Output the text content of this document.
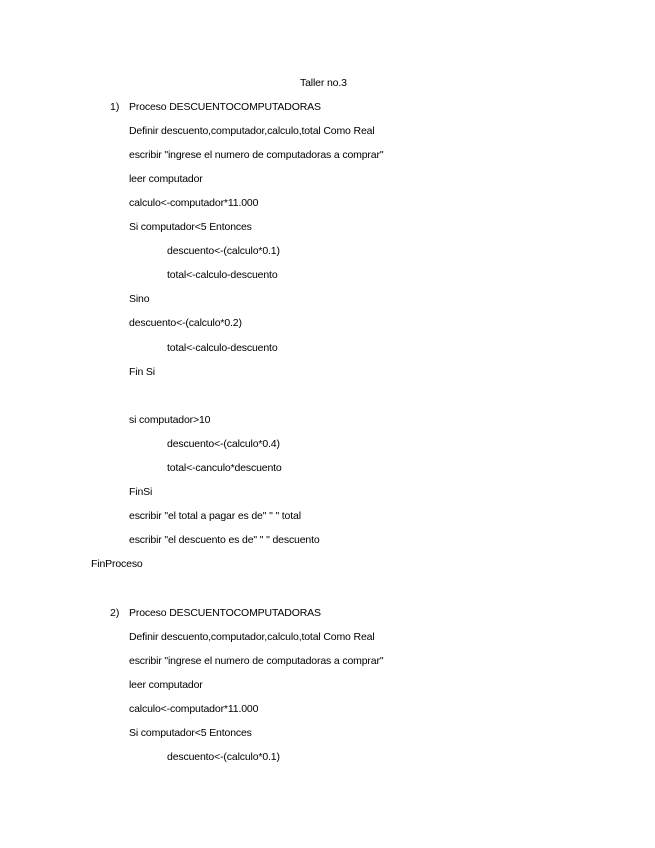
Taller no.3
1) Proceso DESCUENTOCOMPUTADORAS
Definir descuento,computador,calculo,total Como Real
escribir "ingrese el numero de computadoras a comprar"
leer computador
calculo<-computador*11.000
Si computador<5 Entonces
descuento<-(calculo*0.1)
total<-calculo-descuento
Sino
descuento<-(calculo*0.2)
total<-calculo-descuento
Fin Si
si computador>10
descuento<-(calculo*0.4)
total<-canculo*descuento
FinSi
escribir "el total a pagar es de" " " total
escribir "el descuento es de" " " descuento
FinProceso
2) Proceso DESCUENTOCOMPUTADORAS
Definir descuento,computador,calculo,total Como Real
escribir "ingrese el numero de computadoras a comprar"
leer computador
calculo<-computador*11.000
Si computador<5 Entonces
descuento<-(calculo*0.1)
